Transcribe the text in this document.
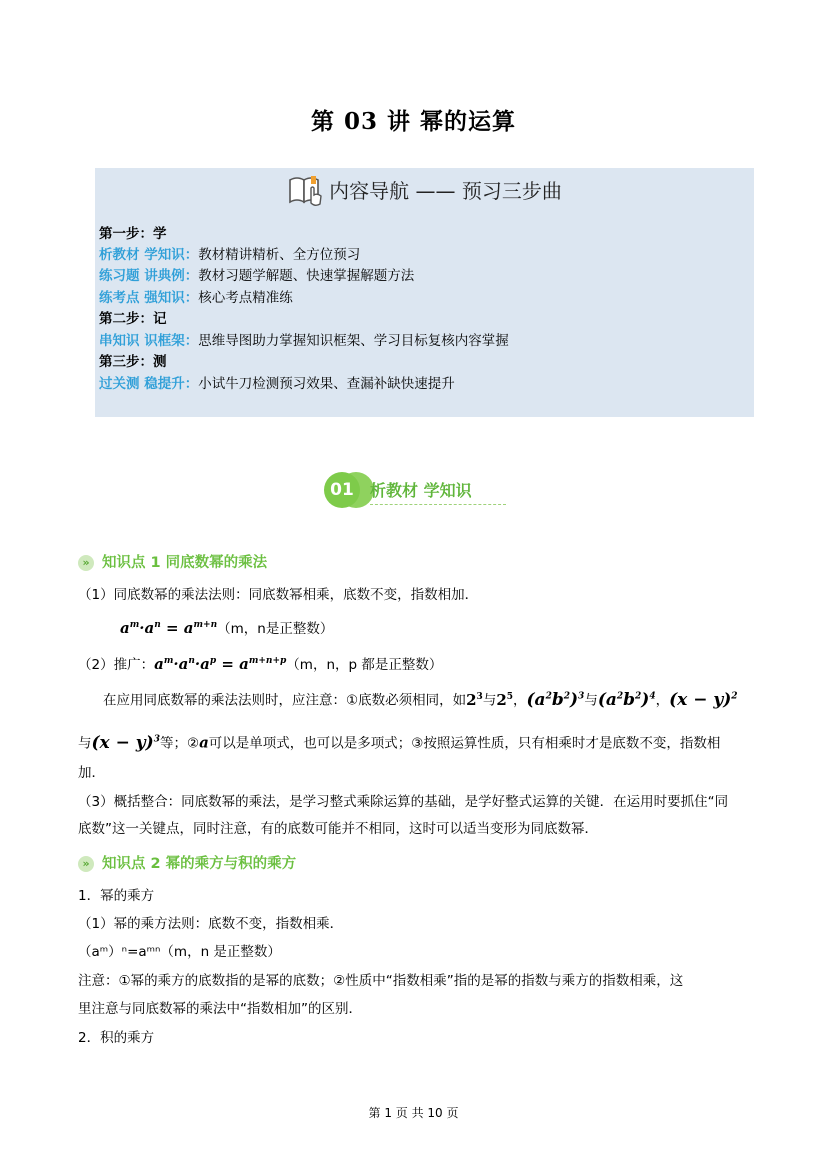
第 03 讲 幂的运算
内容导航 —— 预习三步曲
第一步：学
析教材 学知识：教材精讲精析、全方位预习
练习题 讲典例：教材习题学解题、快速掌握解题方法
练考点 强知识：核心考点精准练
第二步：记
串知识 识框架：思维导图助力掌握知识框架、学习目标复核内容掌握
第三步：测
过关测 稳提升：小试牛刀检测预习效果、查漏补缺快速提升
01	析教材 学知识
» 知识点 1 同底数幂的乘法
（1）同底数幂的乘法法则：同底数幂相乘，底数不变，指数相加．
$a^m\cdot a^n = a^{m+n}(m$，n是正整数）
（2）推广：$a^m\cdot a^n\cdot a^p = a^{m+n+p}(m$，n，p 都是正整数）
在应用同底数幂的乘法法则时，应注意：①底数必须相同，如$2^3$与$2^5$，$(a^2b^2)^3$与$(a^2b^2)^4$，$(x - y)^2$
与$(x - y)^3$等；②a可以是单项式，也可以是多项式；③按照运算性质，只有相乘时才是底数不变，指数相
加．
（3）概括整合：同底数幂的乘法，是学习整式乘除运算的基础，是学好整式运算的关键．在运用时要抓住“同
底数”这一关键点，同时注意，有的底数可能并不相同，这时可以适当变形为同底数幂．
» 知识点 2 幂的乘方与积的乘方
1．幂的乘方
（1）幂的乘方法则：底数不变，指数相乘．
（aᵐ）ⁿ=aᵐⁿ（m，n 是正整数）
注意：①幂的乘方的底数指的是幂的底数；②性质中“指数相乘”指的是幂的指数与乘方的指数相乘，这
里注意与同底数幂的乘法中“指数相加”的区别．
2．积的乘方
第 1 页 共 10 页
